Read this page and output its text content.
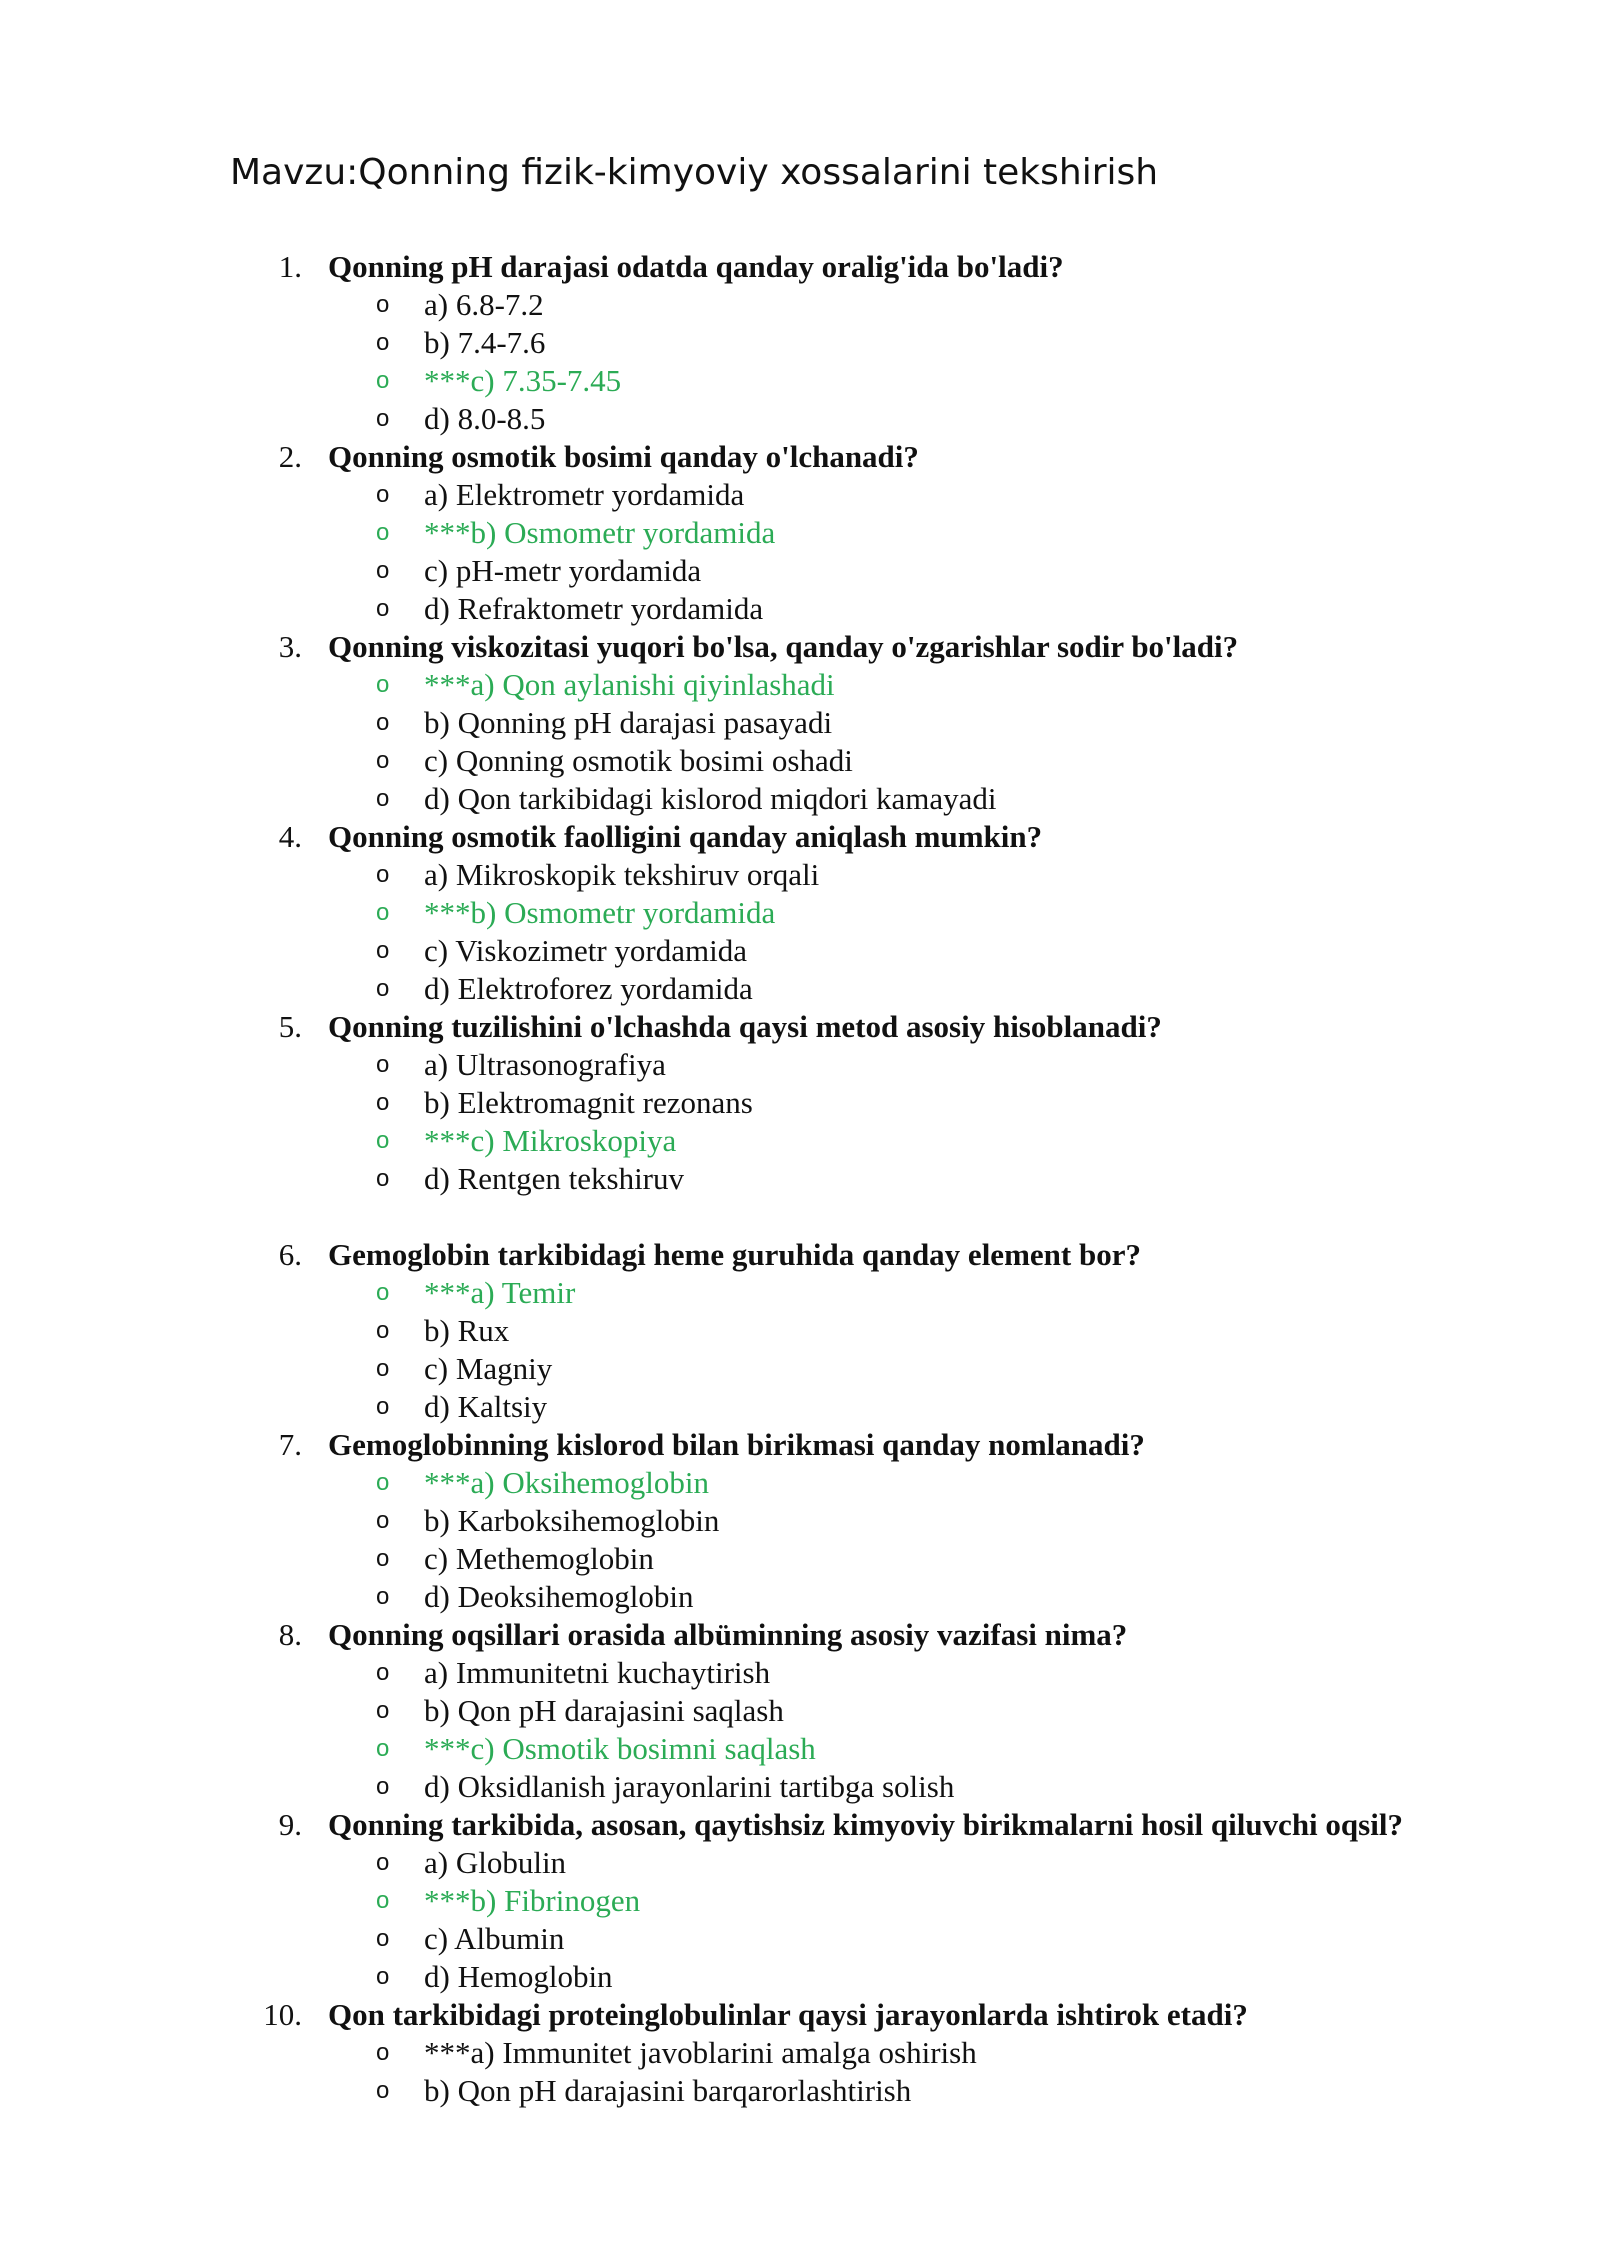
Mavzu:Qonning fizik-kimyoviy xossalarini tekshirish
1. Qonning pH darajasi odatda qanday oralig'ida bo'ladi?
o a) 6.8-7.2
o b) 7.4-7.6
o ***c) 7.35-7.45
o d) 8.0-8.5
2. Qonning osmotik bosimi qanday o'lchanadi?
o a) Elektrometr yordamida
o ***b) Osmometr yordamida
o c) pH-metr yordamida
o d) Refraktometr yordamida
3. Qonning viskozitasi yuqori bo'lsa, qanday o'zgarishlar sodir bo'ladi?
o ***a) Qon aylanishi qiyinlashadi
o b) Qonning pH darajasi pasayadi
o c) Qonning osmotik bosimi oshadi
o d) Qon tarkibidagi kislorod miqdori kamayadi
4. Qonning osmotik faolligini qanday aniqlash mumkin?
o a) Mikroskopik tekshiruv orqali
o ***b) Osmometr yordamida
o c) Viskozimetr yordamida
o d) Elektroforez yordamida
5. Qonning tuzilishini o'lchashda qaysi metod asosiy hisoblanadi?
o a) Ultrasonografiya
o b) Elektromagnit rezonans
o ***c) Mikroskopiya
o d) Rentgen tekshiruv
6. Gemoglobin tarkibidagi heme guruhida qanday element bor?
o ***a) Temir
o b) Rux
o c) Magniy
o d) Kaltsiy
7. Gemoglobinning kislorod bilan birikmasi qanday nomlanadi?
o ***a) Oksihemoglobin
o b) Karboksihemoglobin
o c) Methemoglobin
o d) Deoksihemoglobin
8. Qonning oqsillari orasida albüminning asosiy vazifasi nima?
o a) Immunitetni kuchaytirish
o b) Qon pH darajasini saqlash
o ***c) Osmotik bosimni saqlash
o d) Oksidlanish jarayonlarini tartibga solish
9. Qonning tarkibida, asosan, qaytishsiz kimyoviy birikmalarni hosil qiluvchi oqsil?
o a) Globulin
o ***b) Fibrinogen
o c) Albumin
o d) Hemoglobin
10. Qon tarkibidagi proteinglobulinlar qaysi jarayonlarda ishtirok etadi?
o ***a) Immunitet javoblarini amalga oshirish
o b) Qon pH darajasini barqarorlashtirish
